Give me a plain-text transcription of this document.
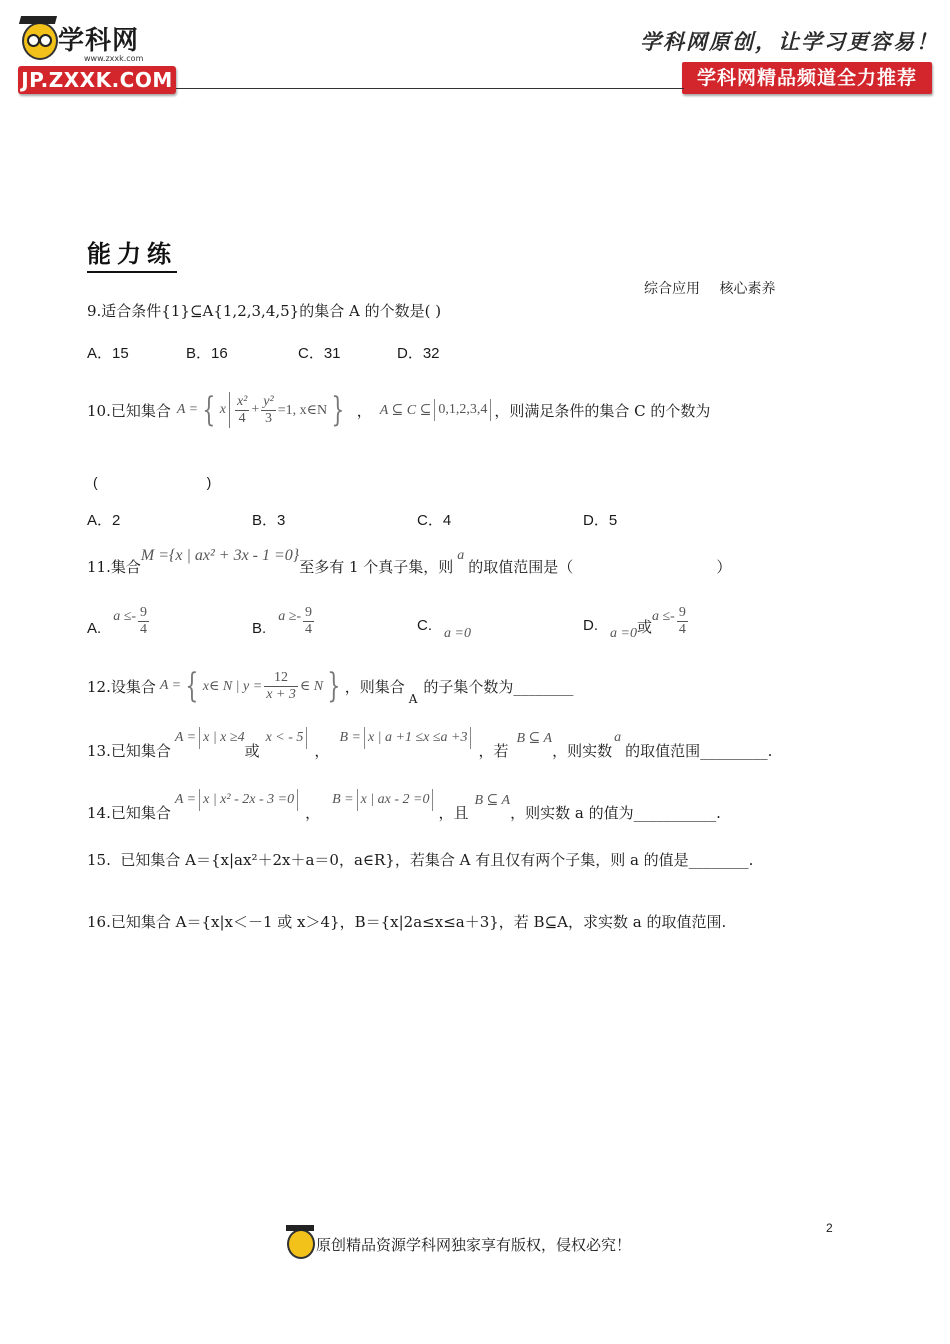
学科网
www.zxxk.com
JP.ZXXK.COM
学科网原创，让学习更容易！
学科网精品频道全力推荐
能力练
综合应用     核心素养
9.适合条件{1}⊆A{1,2,3,4,5}的集合 A 的个数是( )
A．15	B．16	C．31	D．32
10.已知集合 A = { x $\frac{\text{x²}}{4} + \frac{\text{y²}}{3} =1$, x∈N } ， A ⊆ C ⊆ 0,1,2,3,4 ，则满足条件的集合 C 的个数为
(                            )
A．2	B．3	C．4	D．5
11.集合
M ={x | ax² + 3x - 1 =0}
至多有 1 个真子集，则
a
的取值范围是（                              ）
A.
$a \le- \frac{9}{4}$	B.
$a \ge- \frac{9}{4}$	C. a =0	D. a =0 或
$a \le- \frac{9}{4}$
12.设集合 A = { x∈ N | $y = \frac{12}{x + 3}$ ∈ N } ，则集合
A
的子集个数为________
13.已知集合
A = x | x ≥4
或
x < - 5
，
B = x | a +1 ≤x ≤a +3
，若
B ⊆ A
，则实数
a
的取值范围_________.
14.已知集合
A = x | x² - 2x - 3 =0
，
B = x | ax - 2 =0
，且
B ⊆ A
，则实数 a 的值为___________.
15.  已知集合 A＝{x|ax²＋2x＋a＝0，a∈R}，若集合 A 有且仅有两个子集，则 a 的值是________.
16.已知集合 A＝{x|x＜－1 或 x＞4}，B＝{x|2a≤x≤a＋3}，若 B⊆A，求实数 a 的取值范围.
2
原创精品资源学科网独家享有版权，侵权必究！
